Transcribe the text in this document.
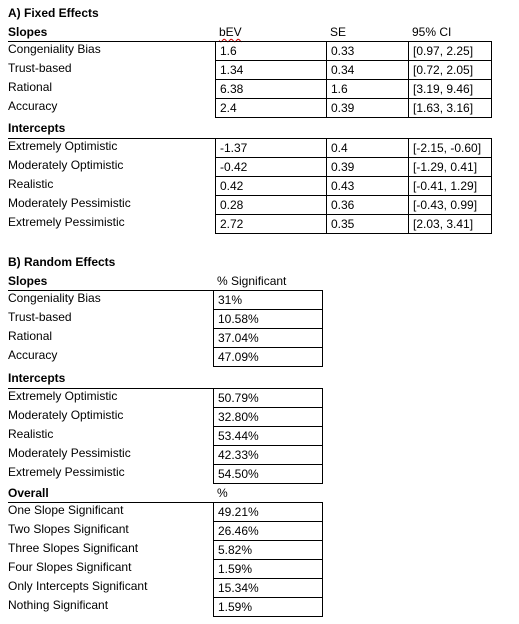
A) Fixed Effects
Slopes	bEV	SE	95% CI
Congeniality Bias	1.6	0.33	[0.97, 2.25]
Trust-based	1.34	0.34	[0.72, 2.05]
Rational	6.38	1.6	[3.19, 9.46]
Accuracy	2.4	0.39	[1.63, 3.16]
Intercepts
Extremely Optimistic	-1.37	0.4	[-2.15, -0.60]
Moderately Optimistic	-0.42	0.39	[-1.29, 0.41]
Realistic	0.42	0.43	[-0.41, 1.29]
Moderately Pessimistic	0.28	0.36	[-0.43, 0.99]
Extremely Pessimistic	2.72	0.35	[2.03, 3.41]
B) Random Effects
Slopes	% Significant
Congeniality Bias	31%
Trust-based	10.58%
Rational	37.04%
Accuracy	47.09%
Intercepts
Extremely Optimistic	50.79%
Moderately Optimistic	32.80%
Realistic	53.44%
Moderately Pessimistic	42.33%
Extremely Pessimistic	54.50%
Overall	%
One Slope Significant	49.21%
Two Slopes Significant	26.46%
Three Slopes Significant	5.82%
Four Slopes Significant	1.59%
Only Intercepts Significant	15.34%
Nothing Significant	1.59%
